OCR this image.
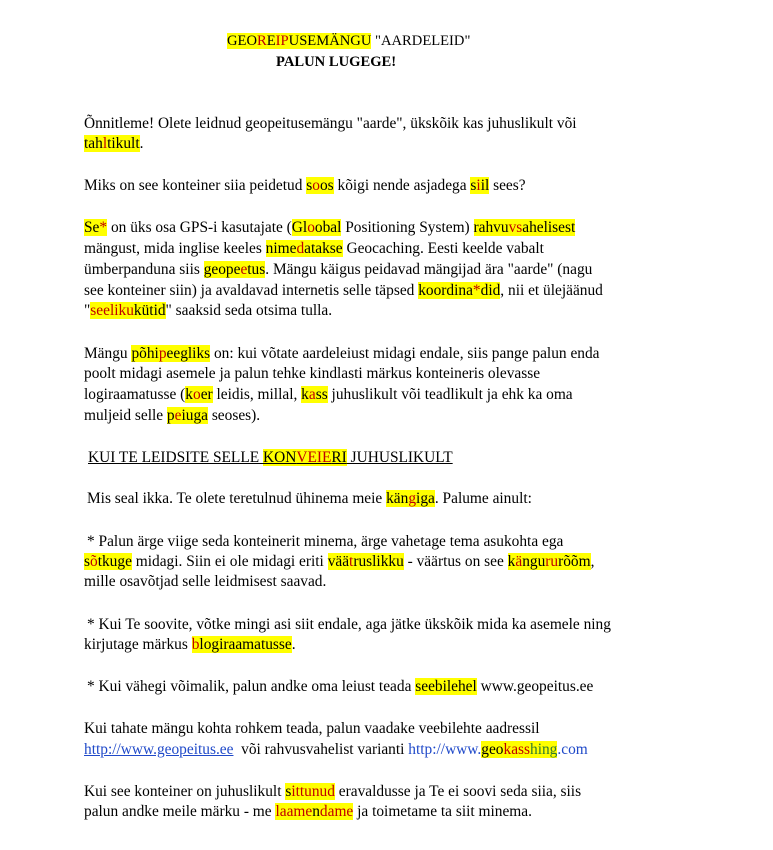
GEOREIPUSEMÄNGU "AARDELEID"
PALUN LUGEGE!
Õnnitleme! Olete leidnud geopeitusemängu "aarde", ükskõik kas juhuslikult või
tahltikult.
Miks on see konteiner siia peidetud soos kõigi nende asjadega siil sees?
Se* on üks osa GPS-i kasutajate (Gloobal Positioning System) rahvuvsahelisest
mängust, mida inglise keeles nimedatakse Geocaching. Eesti keelde vabalt
ümberpanduna siis geopeetus. Mängu käigus peidavad mängijad ära "aarde" (nagu
see konteiner siin) ja avaldavad internetis selle täpsed koordina*did, nii et ülejäänud
"seelikukütid" saaksid seda otsima tulla.
Mängu põhipeegliks on: kui võtate aardeleiust midagi endale, siis pange palun enda
poolt midagi asemele ja palun tehke kindlasti märkus konteineris olevasse
logiraamatusse (koer leidis, millal, kass juhuslikult või teadlikult ja ehk ka oma
muljeid selle peiuga seoses).
KUI TE LEIDSITE SELLE KONVEIERI JUHUSLIKULT
Mis seal ikka. Te olete teretulnud ühinema meie kängiga. Palume ainult:
* Palun ärge viige seda konteinerit minema, ärge vahetage tema asukohta ega
sõtkuge midagi. Siin ei ole midagi eriti väätruslikku - väärtus on see kängururõõm,
mille osavõtjad selle leidmisest saavad.
* Kui Te soovite, võtke mingi asi siit endale, aga jätke ükskõik mida ka asemele ning
kirjutage märkus blogiraamatusse.
* Kui vähegi võimalik, palun andke oma leiust teada seebilehel www.geopeitus.ee
Kui tahate mängu kohta rohkem teada, palun vaadake veebilehte aadressil
http://www.geopeitus.ee  või rahvusvahelist varianti http://www.geokasshing.com
Kui see konteiner on juhuslikult sittunud eravaldusse ja Te ei soovi seda siia, siis
palun andke meile märku - me laamendame ja toimetame ta siit minema.
